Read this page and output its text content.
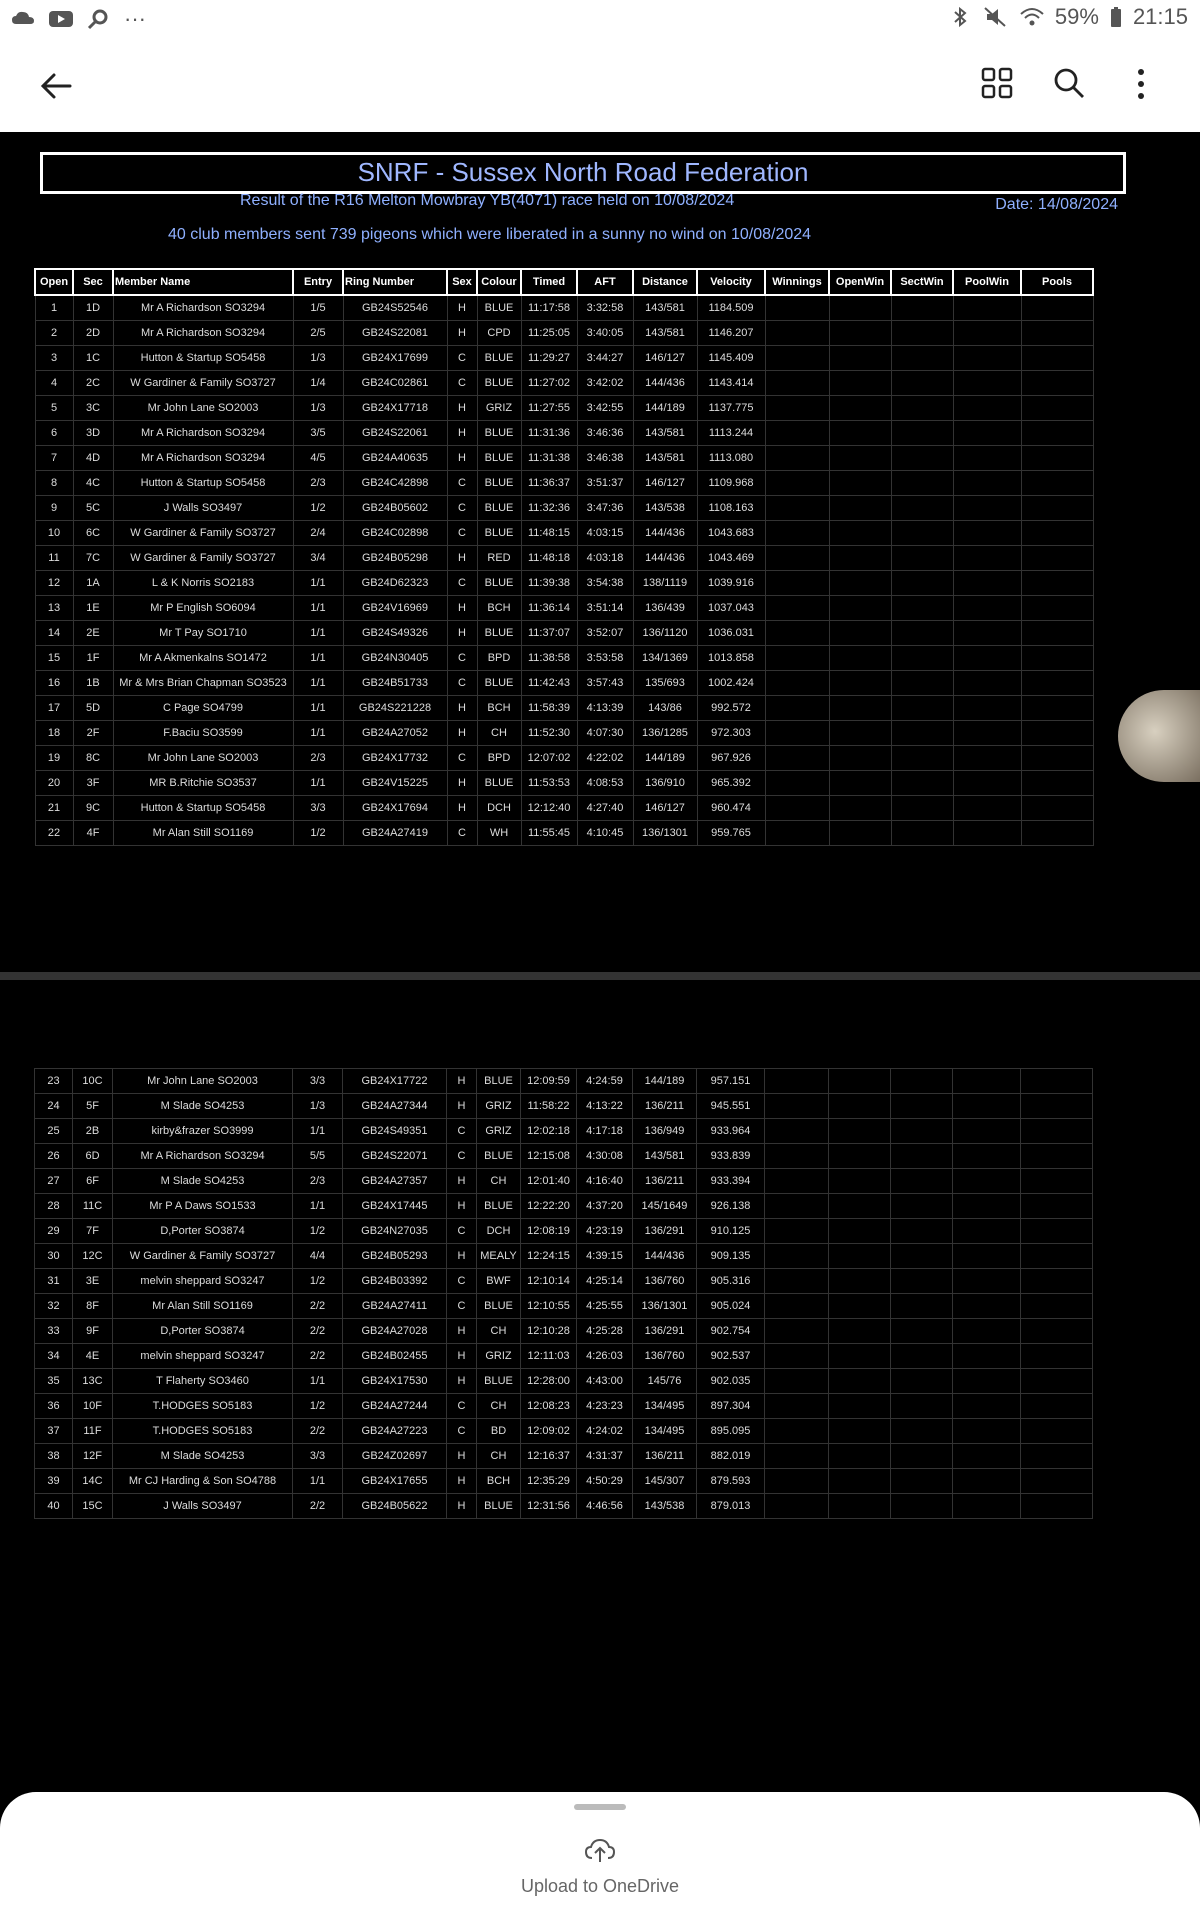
···	59% 21:15
SNRF - Sussex North Road Federation
Result of the R16 Melton Mowbray YB(4071) race held on 10/08/2024	Date: 14/08/2024
40 club members sent 739 pigeons which were liberated in a sunny no wind on 10/08/2024
Open	Sec	Member Name	Entry	Ring Number	Sex	Colour	Timed	AFT	Distance	Velocity	Winnings	OpenWin	SectWin	PoolWin	Pools
1	1D	Mr A Richardson SO3294	1/5	GB24S52546	H	BLUE	11:17:58	3:32:58	143/581	1184.509					
2	2D	Mr A Richardson SO3294	2/5	GB24S22081	H	CPD	11:25:05	3:40:05	143/581	1146.207					
3	1C	Hutton & Startup SO5458	1/3	GB24X17699	C	BLUE	11:29:27	3:44:27	146/127	1145.409					
4	2C	W Gardiner & Family SO3727	1/4	GB24C02861	C	BLUE	11:27:02	3:42:02	144/436	1143.414					
5	3C	Mr John Lane SO2003	1/3	GB24X17718	H	GRIZ	11:27:55	3:42:55	144/189	1137.775					
6	3D	Mr A Richardson SO3294	3/5	GB24S22061	H	BLUE	11:31:36	3:46:36	143/581	1113.244					
7	4D	Mr A Richardson SO3294	4/5	GB24A40635	H	BLUE	11:31:38	3:46:38	143/581	1113.080					
8	4C	Hutton & Startup SO5458	2/3	GB24C42898	C	BLUE	11:36:37	3:51:37	146/127	1109.968					
9	5C	J Walls SO3497	1/2	GB24B05602	C	BLUE	11:32:36	3:47:36	143/538	1108.163					
10	6C	W Gardiner & Family SO3727	2/4	GB24C02898	C	BLUE	11:48:15	4:03:15	144/436	1043.683					
11	7C	W Gardiner & Family SO3727	3/4	GB24B05298	H	RED	11:48:18	4:03:18	144/436	1043.469					
12	1A	L & K Norris SO2183	1/1	GB24D62323	C	BLUE	11:39:38	3:54:38	138/1119	1039.916					
13	1E	Mr P English SO6094	1/1	GB24V16969	H	BCH	11:36:14	3:51:14	136/439	1037.043					
14	2E	Mr T Pay SO1710	1/1	GB24S49326	H	BLUE	11:37:07	3:52:07	136/1120	1036.031					
15	1F	Mr A Akmenkalns SO1472	1/1	GB24N30405	C	BPD	11:38:58	3:53:58	134/1369	1013.858					
16	1B	Mr & Mrs Brian Chapman SO3523	1/1	GB24B51733	C	BLUE	11:42:43	3:57:43	135/693	1002.424					
17	5D	C Page SO4799	1/1	GB24S221228	H	BCH	11:58:39	4:13:39	143/86	992.572					
18	2F	F.Baciu SO3599	1/1	GB24A27052	H	CH	11:52:30	4:07:30	136/1285	972.303					
19	8C	Mr John Lane SO2003	2/3	GB24X17732	C	BPD	12:07:02	4:22:02	144/189	967.926					
20	3F	MR B.Ritchie SO3537	1/1	GB24V15225	H	BLUE	11:53:53	4:08:53	136/910	965.392					
21	9C	Hutton & Startup SO5458	3/3	GB24X17694	H	DCH	12:12:40	4:27:40	146/127	960.474					
22	4F	Mr Alan Still SO1169	1/2	GB24A27419	C	WH	11:55:45	4:10:45	136/1301	959.765					
23	10C	Mr John Lane SO2003	3/3	GB24X17722	H	BLUE	12:09:59	4:24:59	144/189	957.151					
24	5F	M Slade SO4253	1/3	GB24A27344	H	GRIZ	11:58:22	4:13:22	136/211	945.551					
25	2B	kirby&frazer SO3999	1/1	GB24S49351	C	GRIZ	12:02:18	4:17:18	136/949	933.964					
26	6D	Mr A Richardson SO3294	5/5	GB24S22071	C	BLUE	12:15:08	4:30:08	143/581	933.839					
27	6F	M Slade SO4253	2/3	GB24A27357	H	CH	12:01:40	4:16:40	136/211	933.394					
28	11C	Mr P A Daws SO1533	1/1	GB24X17445	H	BLUE	12:22:20	4:37:20	145/1649	926.138					
29	7F	D,Porter SO3874	1/2	GB24N27035	C	DCH	12:08:19	4:23:19	136/291	910.125					
30	12C	W Gardiner & Family SO3727	4/4	GB24B05293	H	MEALY	12:24:15	4:39:15	144/436	909.135					
31	3E	melvin sheppard SO3247	1/2	GB24B03392	C	BWF	12:10:14	4:25:14	136/760	905.316					
32	8F	Mr Alan Still SO1169	2/2	GB24A27411	C	BLUE	12:10:55	4:25:55	136/1301	905.024					
33	9F	D,Porter SO3874	2/2	GB24A27028	H	CH	12:10:28	4:25:28	136/291	902.754					
34	4E	melvin sheppard SO3247	2/2	GB24B02455	H	GRIZ	12:11:03	4:26:03	136/760	902.537					
35	13C	T Flaherty SO3460	1/1	GB24X17530	H	BLUE	12:28:00	4:43:00	145/76	902.035					
36	10F	T.HODGES SO5183	1/2	GB24A27244	C	CH	12:08:23	4:23:23	134/495	897.304					
37	11F	T.HODGES SO5183	2/2	GB24A27223	C	BD	12:09:02	4:24:02	134/495	895.095					
38	12F	M Slade SO4253	3/3	GB24Z02697	H	CH	12:16:37	4:31:37	136/211	882.019					
39	14C	Mr CJ Harding & Son SO4788	1/1	GB24X17655	H	BCH	12:35:29	4:50:29	145/307	879.593					
40	15C	J Walls SO3497	2/2	GB24B05622	H	BLUE	12:31:56	4:46:56	143/538	879.013					
Upload to OneDrive
